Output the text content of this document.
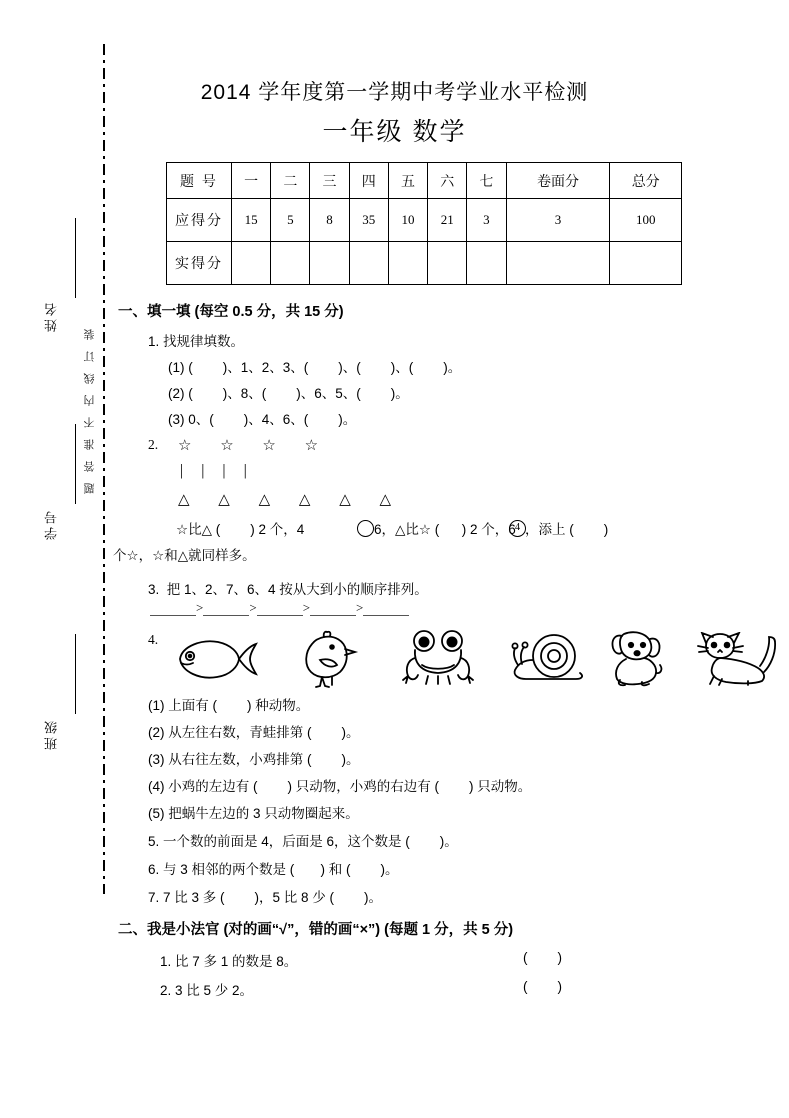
题答准不内线订装
姓名
学号
班级
2014 学年度第一学期中考学业水平检测
一年级 数学
题 号	一	二	三	四	五	六	七	卷面分	总分
应得分	15	5	8	35	10	21	3	3	100
实得分									
一、填一填 (每空 0.5 分，共 15 分)
1. 找规律填数。
(1) (        )、1、2、3、(        )、(        )、(        )。
(2) (        )、8、(        )、6、5、(        )。
(3) 0、(        )、4、6、(        )。
2. ☆ ☆ ☆ ☆
| | | |
△ △ △ △ △ △
☆比△ (        ) 2 个，4	6，△比☆ (      ) 2 个，6 4 ，添上 (        )
个☆，☆和△就同样多。
3.  把 1、2、7、6、4 按从大到小的顺序排列。
>	>	>	>
4.
(1) 上面有 (        ) 种动物。
(2) 从左往右数，青蛙排第 (        )。
(3) 从右往左数，小鸡排第 (        )。
(4) 小鸡的左边有 (        ) 只动物，小鸡的右边有 (        ) 只动物。
(5) 把蜗牛左边的 3 只动物圈起来。
5. 一个数的前面是 4，后面是 6，这个数是 (        )。
6. 与 3 相邻的两个数是 (       ) 和 (        )。
7. 7 比 3 多 (        )，5 比 8 少 (        )。
二、我是小法官 (对的画“√”，错的画“×”) (每题 1 分，共 5 分)
1. 比 7 多 1 的数是 8。	(        )
2. 3 比 5 少 2。	(        )
